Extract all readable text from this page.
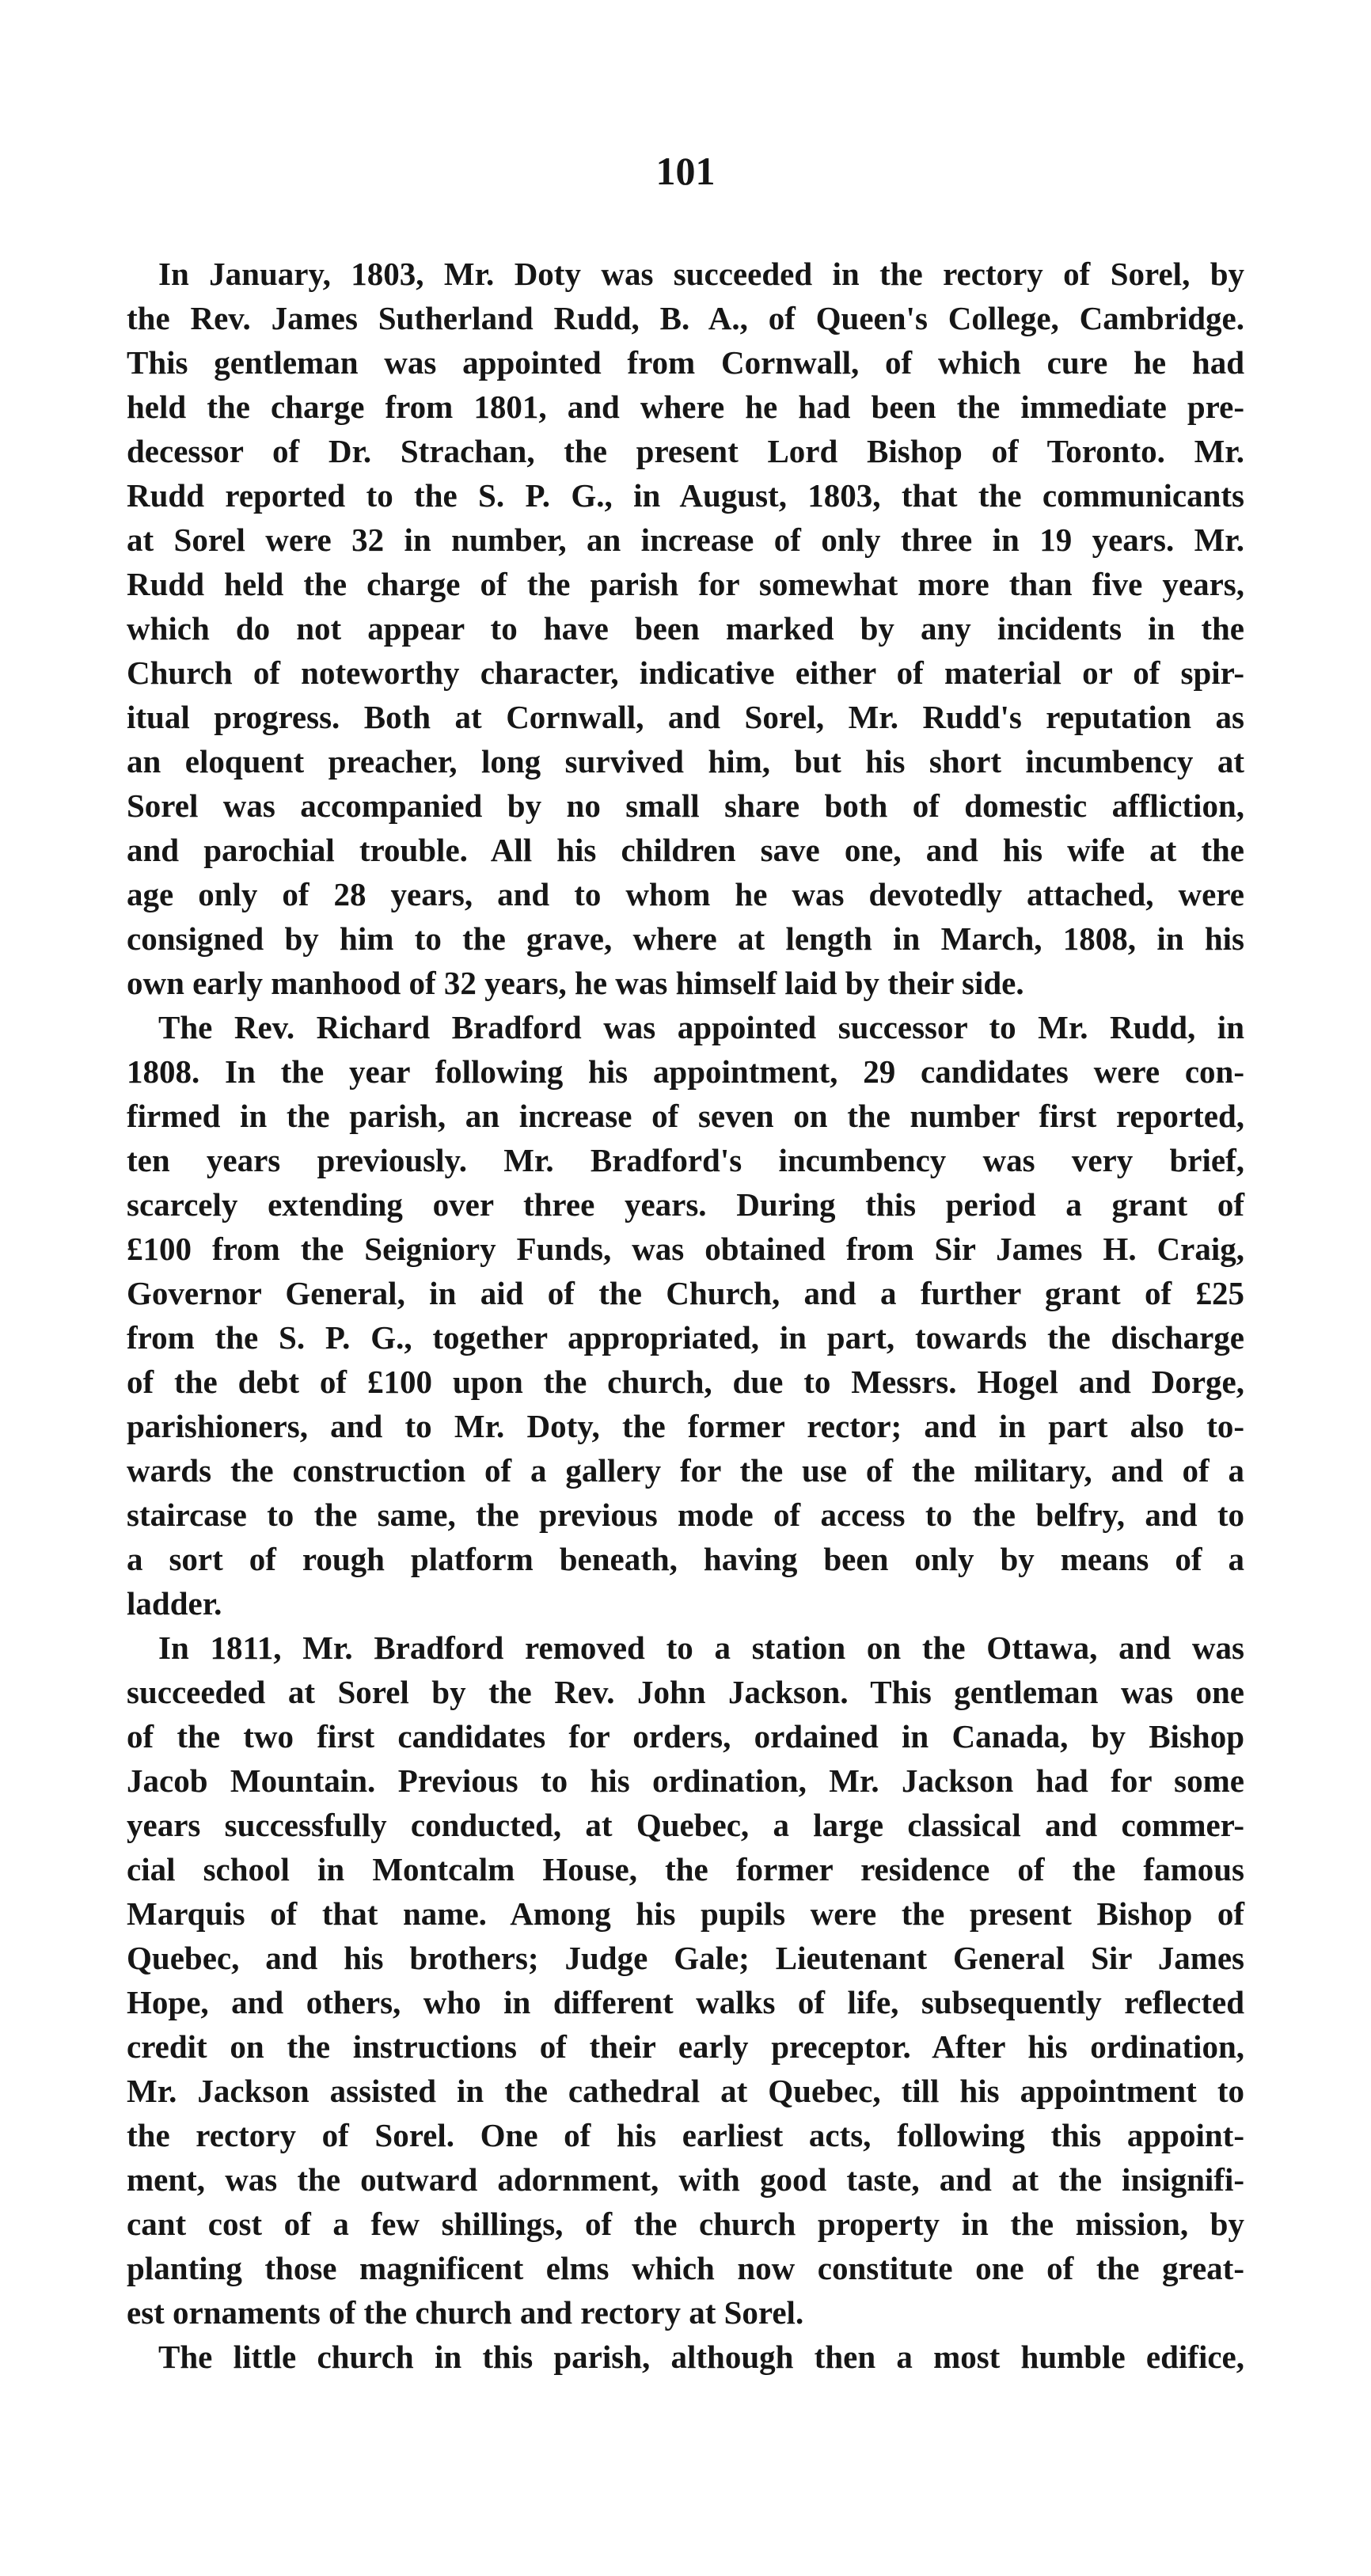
101

In January, 1803, Mr. Doty was succeeded in the rectory of Sorel, by
the Rev. James Sutherland Rudd, B. A., of Queen's College, Cambridge.
This gentleman was appointed from Cornwall, of which cure he had
held the charge from 1801, and where he had been the immediate pre-
decessor of Dr. Strachan, the present Lord Bishop of Toronto. Mr.
Rudd reported to the S. P. G., in August, 1803, that the communicants
at Sorel were 32 in number, an increase of only three in 19 years. Mr.
Rudd held the charge of the parish for somewhat more than five years,
which do not appear to have been marked by any incidents in the
Church of noteworthy character, indicative either of material or of spir-
itual progress. Both at Cornwall, and Sorel, Mr. Rudd's reputation as
an eloquent preacher, long survived him, but his short incumbency at
Sorel was accompanied by no small share both of domestic affliction,
and parochial trouble. All his children save one, and his wife at the
age only of 28 years, and to whom he was devotedly attached, were
consigned by him to the grave, where at length in March, 1808, in his
own early manhood of 32 years, he was himself laid by their side.

The Rev. Richard Bradford was appointed successor to Mr. Rudd, in
1808. In the year following his appointment, 29 candidates were con-
firmed in the parish, an increase of seven on the number first reported,
ten years previously. Mr. Bradford's incumbency was very brief,
scarcely extending over three years. During this period a grant of
£100 from the Seigniory Funds, was obtained from Sir James H. Craig,
Governor General, in aid of the Church, and a further grant of £25
from the S. P. G., together appropriated, in part, towards the discharge
of the debt of £100 upon the church, due to Messrs. Hogel and Dorge,
parishioners, and to Mr. Doty, the former rector; and in part also to-
wards the construction of a gallery for the use of the military, and of a
staircase to the same, the previous mode of access to the belfry, and to
a sort of rough platform beneath, having been only by means of a
ladder.

In 1811, Mr. Bradford removed to a station on the Ottawa, and was
succeeded at Sorel by the Rev. John Jackson. This gentleman was one
of the two first candidates for orders, ordained in Canada, by Bishop
Jacob Mountain. Previous to his ordination, Mr. Jackson had for some
years successfully conducted, at Quebec, a large classical and commer-
cial school in Montcalm House, the former residence of the famous
Marquis of that name. Among his pupils were the present Bishop of
Quebec, and his brothers; Judge Gale; Lieutenant General Sir James
Hope, and others, who in different walks of life, subsequently reflected
credit on the instructions of their early preceptor. After his ordination,
Mr. Jackson assisted in the cathedral at Quebec, till his appointment to
the rectory of Sorel. One of his earliest acts, following this appoint-
ment, was the outward adornment, with good taste, and at the insignifi-
cant cost of a few shillings, of the church property in the mission, by
planting those magnificent elms which now constitute one of the great-
est ornaments of the church and rectory at Sorel.

The little church in this parish, although then a most humble edifice,
